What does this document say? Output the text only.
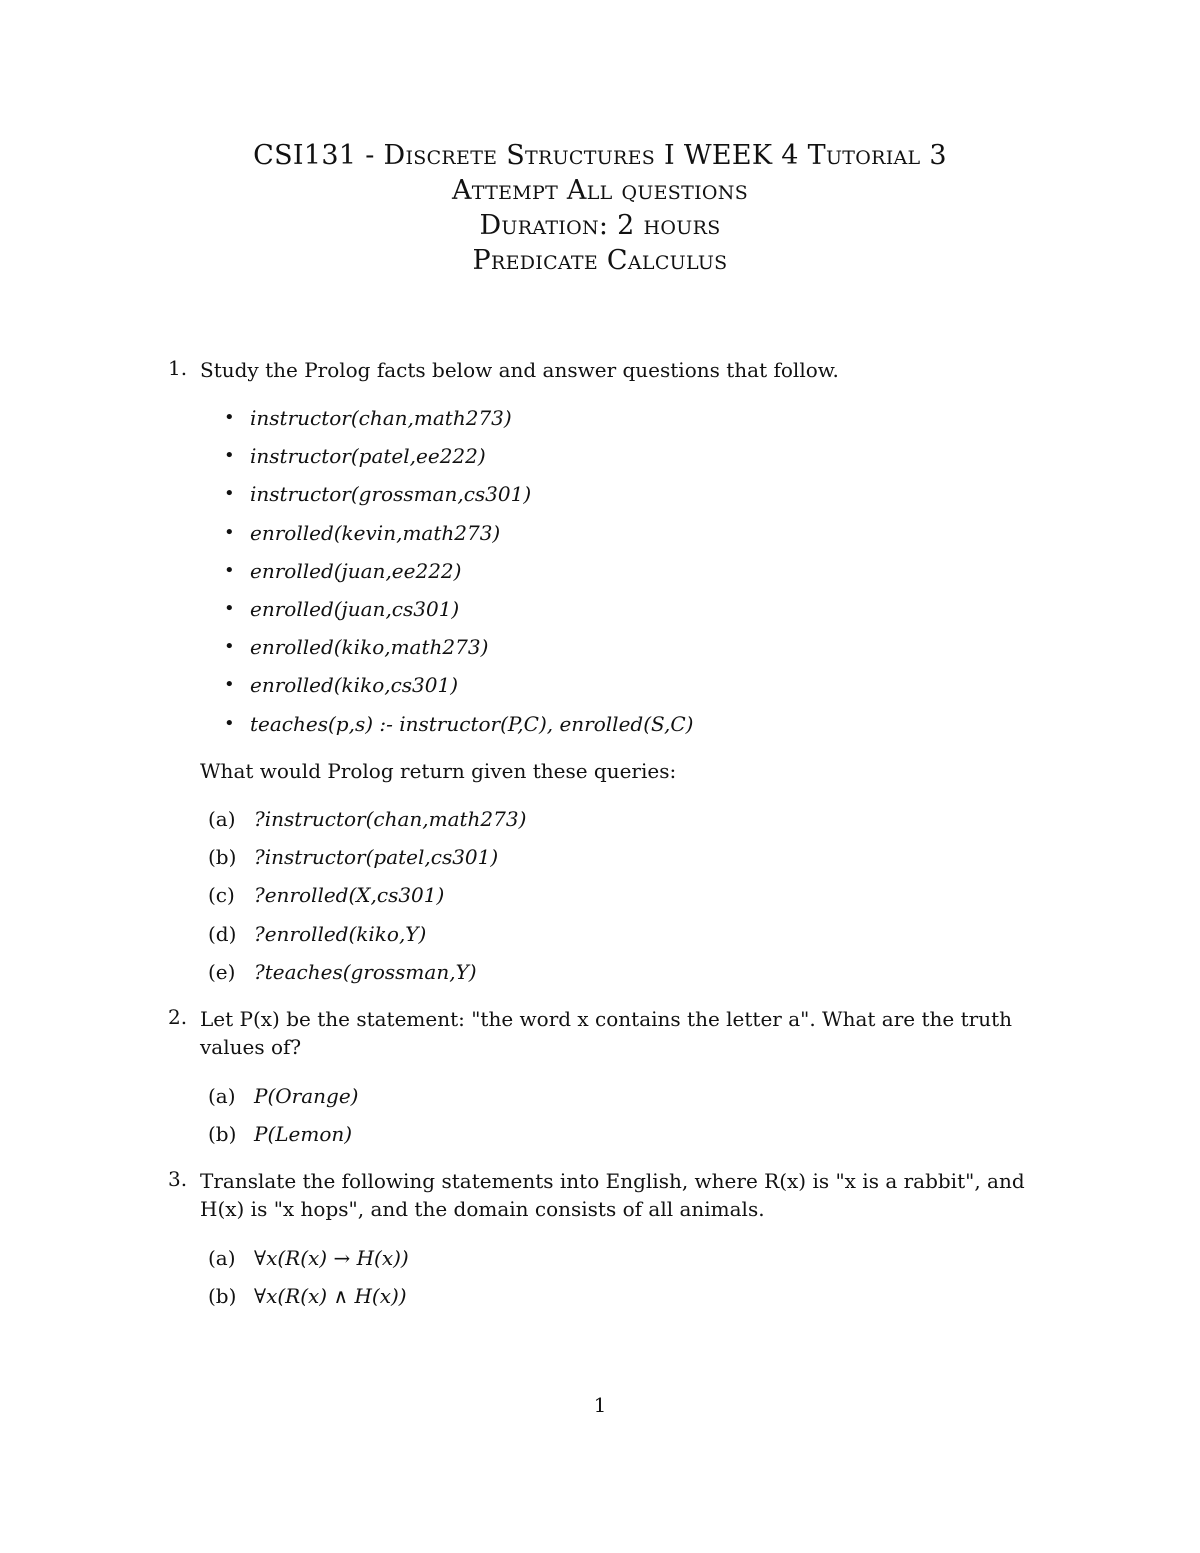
CSI131 - Discrete Structures I WEEK 4 Tutorial 3
Attempt All questions
Duration: 2 hours
Predicate Calculus
1. Study the Prolog facts below and answer questions that follow.
• instructor(chan,math273)
• instructor(patel,ee222)
• instructor(grossman,cs301)
• enrolled(kevin,math273)
• enrolled(juan,ee222)
• enrolled(juan,cs301)
• enrolled(kiko,math273)
• enrolled(kiko,cs301)
• teaches(p,s) :- instructor(P,C), enrolled(S,C)
What would Prolog return given these queries:
(a) ?instructor(chan,math273)
(b) ?instructor(patel,cs301)
(c) ?enrolled(X,cs301)
(d) ?enrolled(kiko,Y)
(e) ?teaches(grossman,Y)
2. Let P(x) be the statement: "the word x contains the letter a". What are the truth values of?
(a) P(Orange)
(b) P(Lemon)
3. Translate the following statements into English, where R(x) is "x is a rabbit", and H(x) is "x hops", and the domain consists of all animals.
(a) ∀x(R(x) → H(x))
(b) ∀x(R(x) ∧ H(x))
1
